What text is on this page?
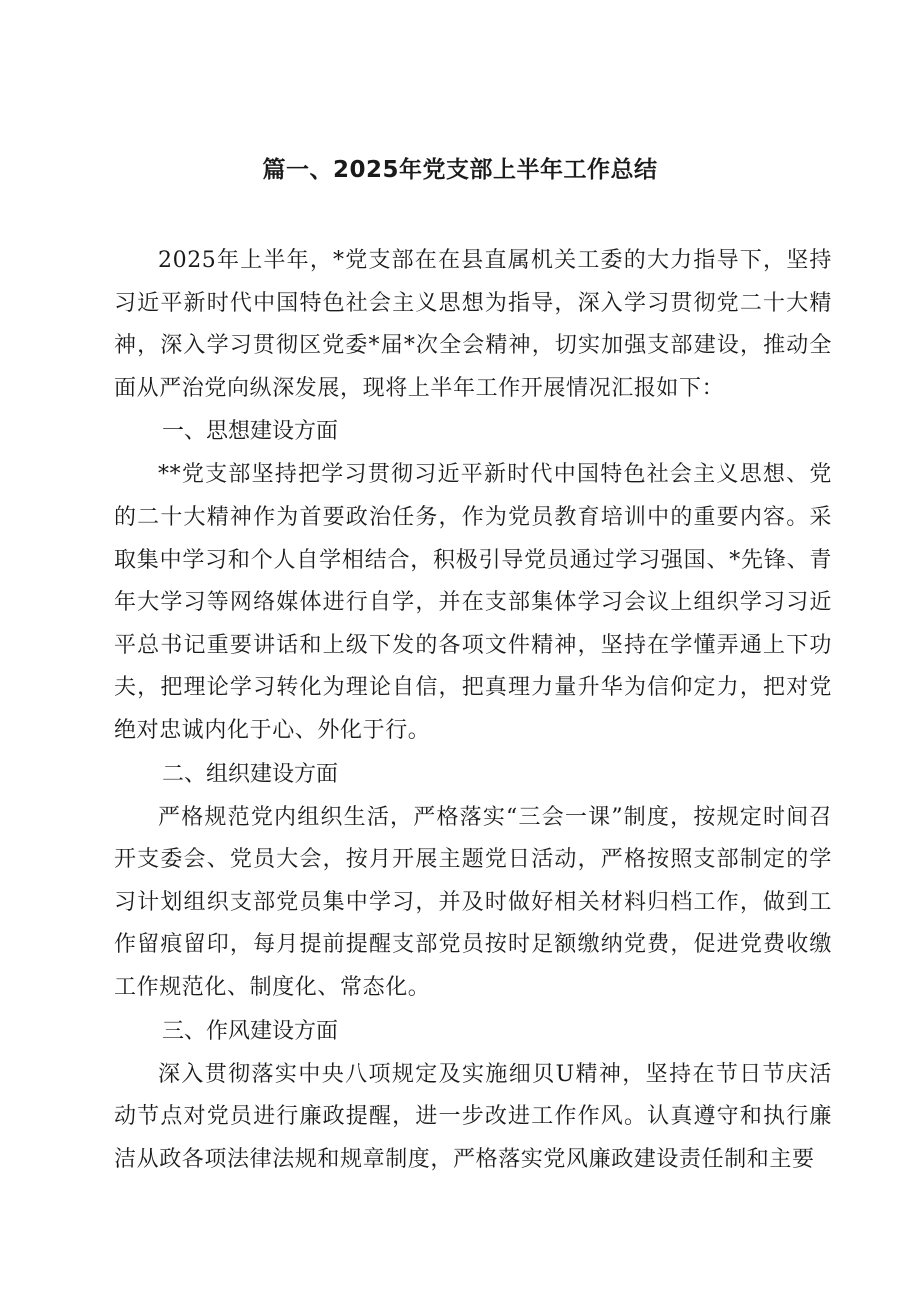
篇一、2025年党支部上半年工作总结

2025年上半年，*党支部在在县直属机关工委的大力指导下，坚持习近平新时代中国特色社会主义思想为指导，深入学习贯彻党二十大精神，深入学习贯彻区党委*届*次全会精神，切实加强支部建设，推动全面从严治党向纵深发展，现将上半年工作开展情况汇报如下：

一、思想建设方面

**党支部坚持把学习贯彻习近平新时代中国特色社会主义思想、党的二十大精神作为首要政治任务，作为党员教育培训中的重要内容。采取集中学习和个人自学相结合，积极引导党员通过学习强国、*先锋、青年大学习等网络媒体进行自学，并在支部集体学习会议上组织学习习近平总书记重要讲话和上级下发的各项文件精神，坚持在学懂弄通上下功夫，把理论学习转化为理论自信，把真理力量升华为信仰定力，把对党绝对忠诚内化于心、外化于行。

二、组织建设方面

严格规范党内组织生活，严格落实“三会一课”制度，按规定时间召开支委会、党员大会，按月开展主题党日活动，严格按照支部制定的学习计划组织支部党员集中学习，并及时做好相关材料归档工作，做到工作留痕留印，每月提前提醒支部党员按时足额缴纳党费，促进党费收缴工作规范化、制度化、常态化。

三、作风建设方面

深入贯彻落实中央八项规定及实施细贝U精神，坚持在节日节庆活动节点对党员进行廉政提醒，进一步改进工作作风。认真遵守和执行廉洁从政各项法律法规和规章制度，严格落实党风廉政建设责任制和主要
